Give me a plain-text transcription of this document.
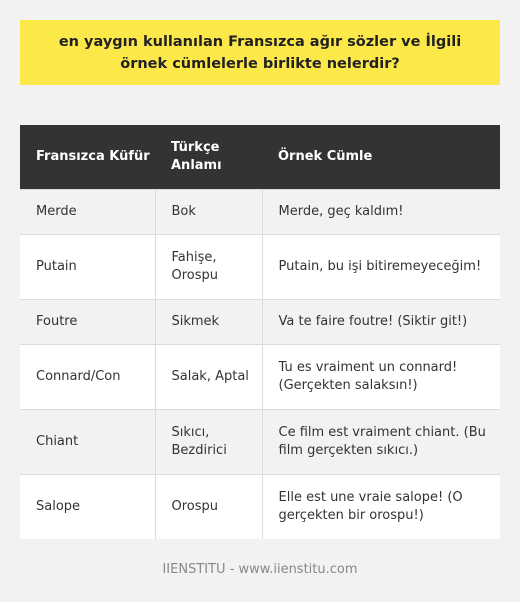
en yaygın kullanılan Fransızca ağır sözler ve İlgili örnek cümlelerle birlikte nelerdir?
Fransızca Küfür	Türkçe Anlamı	Örnek Cümle
Merde	Bok	Merde, geç kaldım!
Putain	Fahişe, Orospu	Putain, bu işi bitiremeyeceğim!
Foutre	Sikmek	Va te faire foutre! (Siktir git!)
Connard/Con	Salak, Aptal	Tu es vraiment un connard! (Gerçekten salaksın!)
Chiant	Sıkıcı, Bezdirici	Ce film est vraiment chiant. (Bu film gerçekten sıkıcı.)
Salope	Orospu	Elle est une vraie salope! (O gerçekten bir orospu!)
IIENSTITU - www.iienstitu.com
